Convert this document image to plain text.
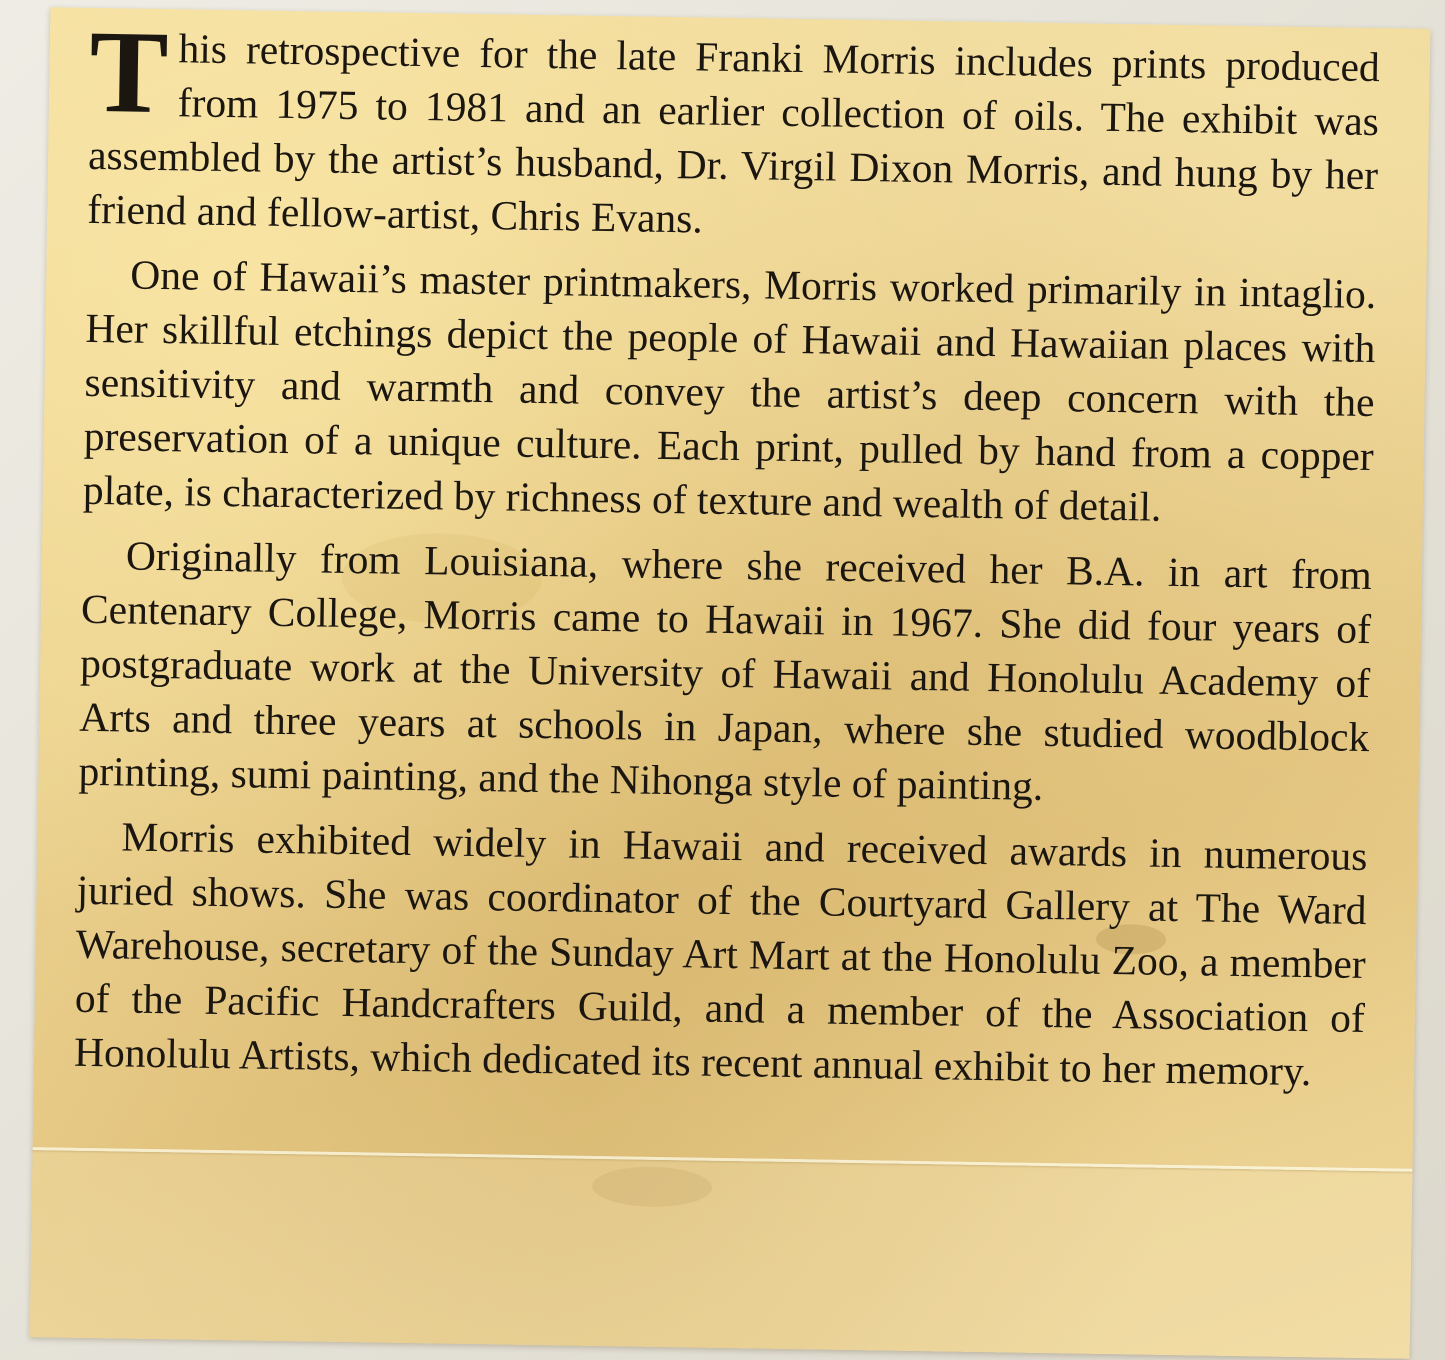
This retrospective for the late Franki Morris includes prints produced from 1975 to 1981 and an earlier collection of oils. The exhibit was assembled by the artist’s husband, Dr. Virgil Dixon Morris, and hung by her friend and fellow-artist, Chris Evans.

One of Hawaii’s master printmakers, Morris worked primarily in intaglio. Her skillful etchings depict the people of Hawaii and Hawaiian places with sensitivity and warmth and convey the artist’s deep concern with the preservation of a unique culture. Each print, pulled by hand from a copper plate, is characterized by richness of texture and wealth of detail.

Originally from Louisiana, where she received her B.A. in art from Centenary College, Morris came to Hawaii in 1967. She did four years of postgraduate work at the University of Hawaii and Honolulu Academy of Arts and three years at schools in Japan, where she studied woodblock printing, sumi painting, and the Nihonga style of painting.

Morris exhibited widely in Hawaii and received awards in numerous juried shows. She was coordinator of the Courtyard Gallery at The Ward Warehouse, secretary of the Sunday Art Mart at the Honolulu Zoo, a member of the Pacific Handcrafters Guild, and a member of the Association of Honolulu Artists, which dedicated its recent annual exhibit to her memory.
